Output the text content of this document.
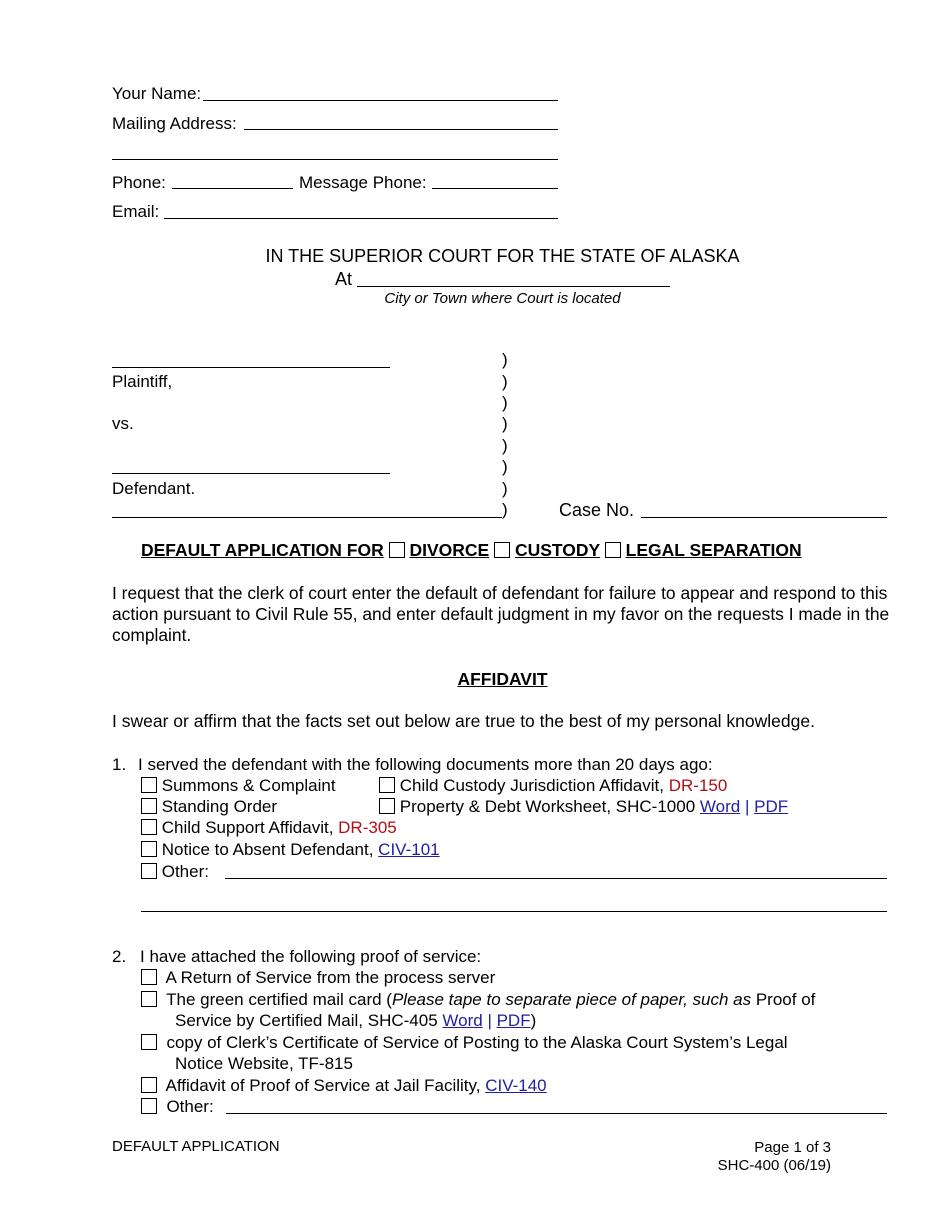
Your Name:
Mailing Address:
Phone:	Message Phone:
Email:
IN THE SUPERIOR COURT FOR THE STATE OF ALASKA
At
City or Town where Court is located
Plaintiff,
vs.
Defendant.
)
)
)
)
)
)
)
)	Case No.
DEFAULT APPLICATION FOR DIVORCE CUSTODY LEGAL SEPARATION
I request that the clerk of court enter the default of defendant for failure to appear and respond to this action pursuant to Civil Rule 55, and enter default judgment in my favor on the requests I made in the complaint.
AFFIDAVIT
I swear or affirm that the facts set out below are true to the best of my personal knowledge.
1. I served the defendant with the following documents more than 20 days ago:
Summons & Complaint	Child Custody Jurisdiction Affidavit, DR-150
Standing Order	Property & Debt Worksheet, SHC-1000 Word | PDF
Child Support Affidavit, DR-305
Notice to Absent Defendant, CIV-101
Other:
2. I have attached the following proof of service:
A Return of Service from the process server
The green certified mail card (Please tape to separate piece of paper, such as Proof of
Service by Certified Mail, SHC-405 Word | PDF)
copy of Clerk’s Certificate of Service of Posting to the Alaska Court System’s Legal
Notice Website, TF-815
Affidavit of Proof of Service at Jail Facility, CIV-140
Other:
DEFAULT APPLICATION	Page 1 of 3
SHC-400 (06/19)
